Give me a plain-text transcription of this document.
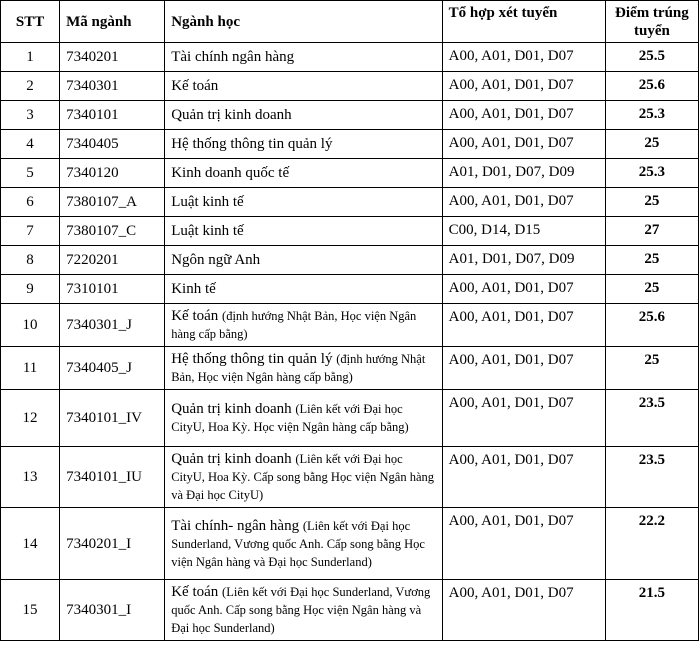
STT	Mã ngành	Ngành học	Tổ hợp xét tuyển	Điểm trúng tuyển
1	7340201	Tài chính ngân hàng	A00, A01, D01, D07	25.5
2	7340301	Kế toán	A00, A01, D01, D07	25.6
3	7340101	Quản trị kinh doanh	A00, A01, D01, D07	25.3
4	7340405	Hệ thống thông tin quản lý	A00, A01, D01, D07	25
5	7340120	Kinh doanh quốc tế	A01, D01, D07, D09	25.3
6	7380107_A	Luật kinh tế	A00, A01, D01, D07	25
7	7380107_C	Luật kinh tế	C00, D14, D15	27
8	7220201	Ngôn ngữ Anh	A01, D01, D07, D09	25
9	7310101	Kinh tế	A00, A01, D01, D07	25
10	7340301_J	Kế toán (định hướng Nhật Bản, Học viện Ngân hàng cấp bằng)	A00, A01, D01, D07	25.6
11	7340405_J	Hệ thống thông tin quản lý (định hướng Nhật Bản, Học viện Ngân hàng cấp bằng)	A00, A01, D01, D07	25
12	7340101_IV	Quản trị kinh doanh (Liên kết với Đại học CityU, Hoa Kỳ. Học viện Ngân hàng cấp bằng)	A00, A01, D01, D07	23.5
13	7340101_IU	Quản trị kinh doanh (Liên kết với Đại học CityU, Hoa Kỳ. Cấp song bằng Học viện Ngân hàng và Đại học CityU)	A00, A01, D01, D07	23.5
14	7340201_I	Tài chính- ngân hàng (Liên kết với Đại học Sunderland, Vương quốc Anh. Cấp song bằng Học viện Ngân hàng và Đại học Sunderland)	A00, A01, D01, D07	22.2
15	7340301_I	Kế toán (Liên kết với Đại học Sunderland, Vương quốc Anh. Cấp song bằng Học viện Ngân hàng và Đại học Sunderland)	A00, A01, D01, D07	21.5
